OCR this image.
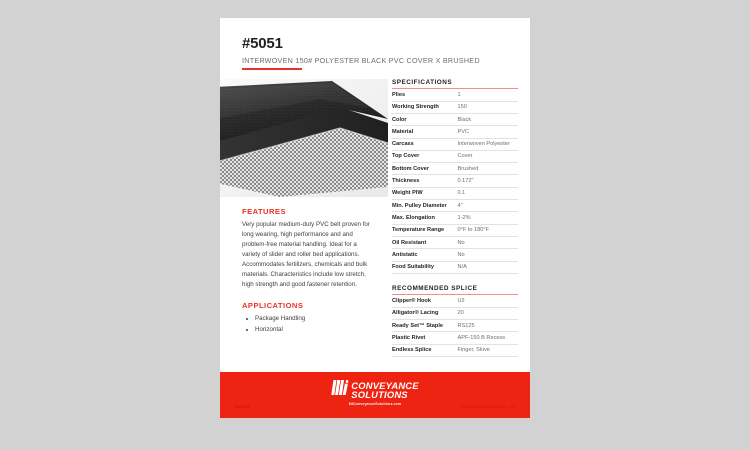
#5051
INTERWOVEN 150# POLYESTER BLACK PVC COVER X BRUSHED
FEATURES

Very popular medium-duty PVC belt proven for long wearing, high performance and and problem-free material handling. Ideal for a variety of slider and roller bed applications. Accommodates fertilizers, chemicals and bulk materials. Characteristics include low stretch, high strength and good fastener retention.

APPLICATIONS
Package Handling
Horizontal
SPECIFICATIONS
Plies	1
Working Strength	150
Color	Black
Material	PVC
Carcass	Interwoven Polyester
Top Cover	Cover
Bottom Cover	Brushed
Thickness	0.172"
Weight PIW	0.1
Min. Pulley Diameter	4"
Max. Elongation	1-2%
Temperature Range	0°F to 180°F
Oil Resistant	No
Antistatic	No
Food Suitability	N/A
RECOMMENDED SPLICE
Clipper® Hook	U2
Alligator® Lacing	20
Ready Set™ Staple	RS125
Plastic Rivet	APF-150 B Recess
Endless Splice	Finger, Skive
CONVEYANCE
SOLUTIONS
MIConveyanceSolutions.com
ms5051	© 2022 Motion Industries, Inc.
